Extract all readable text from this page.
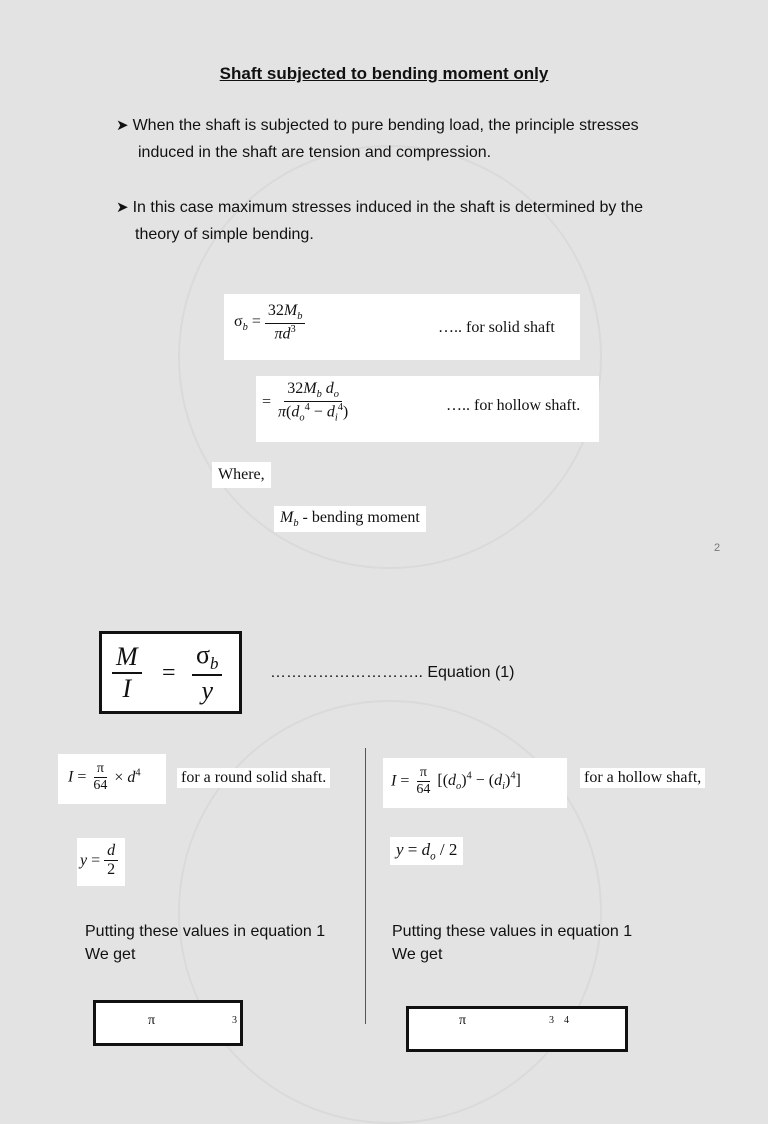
Shaft subjected to bending moment only
➤ When the shaft is subjected to pure bending load, the principle stresses
induced in the shaft are tension and compression.
➤ In this case maximum stresses induced in the shaft is determined by the
theory of simple bending.
$\sigma_b = \frac{32M_b}{\pi d^3}$	….. for solid shaft
= $\frac{32M_b d_o}{\pi(d_o^4 - d_i^4)}$	….. for hollow shaft.
Where,
$M_b$ - bending moment
2
M
I
=
$\sigma_b$
y
……………………….. Equation (1)
$I = \frac{\pi}{64} \times d^4$	for a round solid shaft.
$y = \frac{d}{2}$
$I = \frac{\pi}{64} [(d_o)^4 - (d_i)^4]$	for a hollow shaft,
$y = d_o / 2$
Putting these values in equation 1
We get
Putting these values in equation 1
We get
π	3	π	3    4
